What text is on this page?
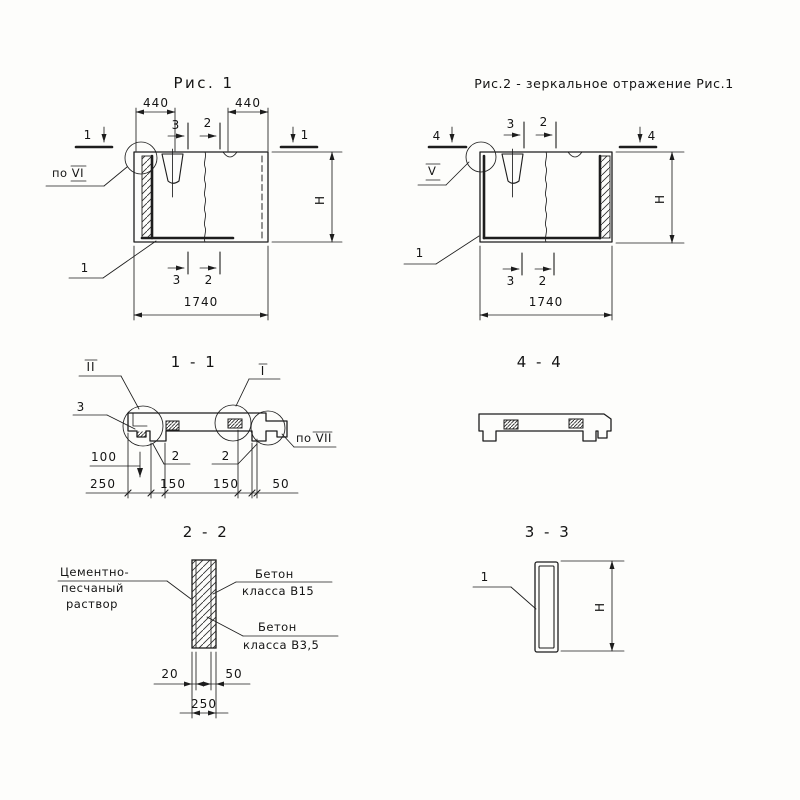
Рис. 1
440	440
1	1
3 2
по VI
1
3 2
1740
H
Рис.2 - зеркальное отражение Рис.1
4	4
3 2
V
1
3 2
1740
H
1 - 1
II	I
3
2	2
по VII
100
250	150 150	50
4 - 4
2 - 2
Цементно-
песчаный
раствор
Бетон
класса В15
Бетон
класса В3,5
20	50
250
3 - 3
1
H
